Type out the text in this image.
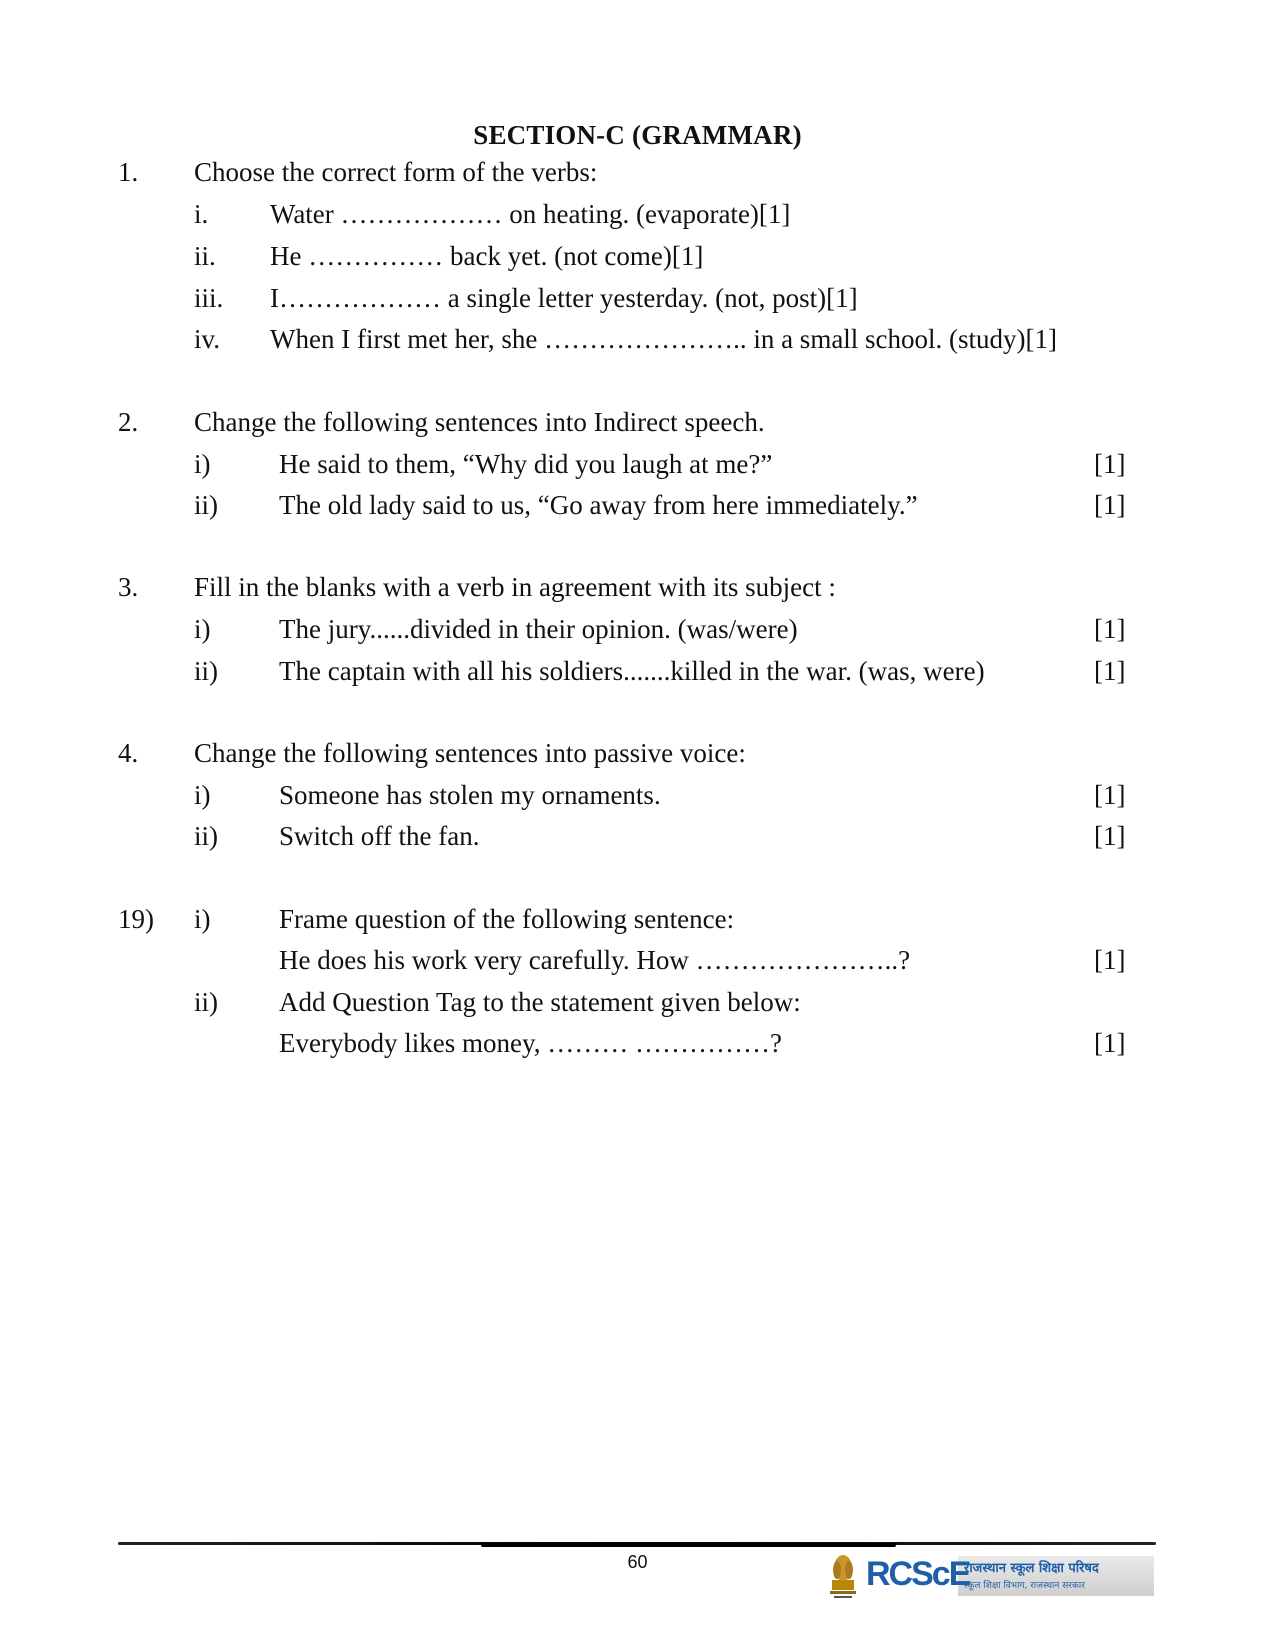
SECTION-C (GRAMMAR)
1. Choose the correct form of the verbs:
i. Water ……………… on heating. (evaporate)[1]
ii. He …………… back yet. (not come)[1]
iii. I……………… a single letter yesterday. (not, post)[1]
iv. When I first met her, she ………………….. in a small school. (study)[1]
2. Change the following sentences into Indirect speech.
i)	He said to them, “Why did you laugh at me?”	[1]
ii) The old lady said to us, “Go away from here immediately.”	[1]
3. Fill in the blanks with a verb in agreement with its subject :
i)	The jury......divided in their opinion. (was/were)	[1]
ii) The captain with all his soldiers.......killed in the war. (was, were)	[1]
4. Change the following sentences into passive voice:
i)	Someone has stolen my ornaments.	[1]
ii) Switch off the fan.	[1]
19) i)	Frame question of the following sentence:
He does his work very carefully. How …………………..?	[1]
ii) Add Question Tag to the statement given below:
Everybody likes money, ……… ……………?	[1]
60	RCScE
राजस्थान स्कूल शिक्षा परिषद
स्कूल शिक्षा विभाग, राजस्थान सरकार
